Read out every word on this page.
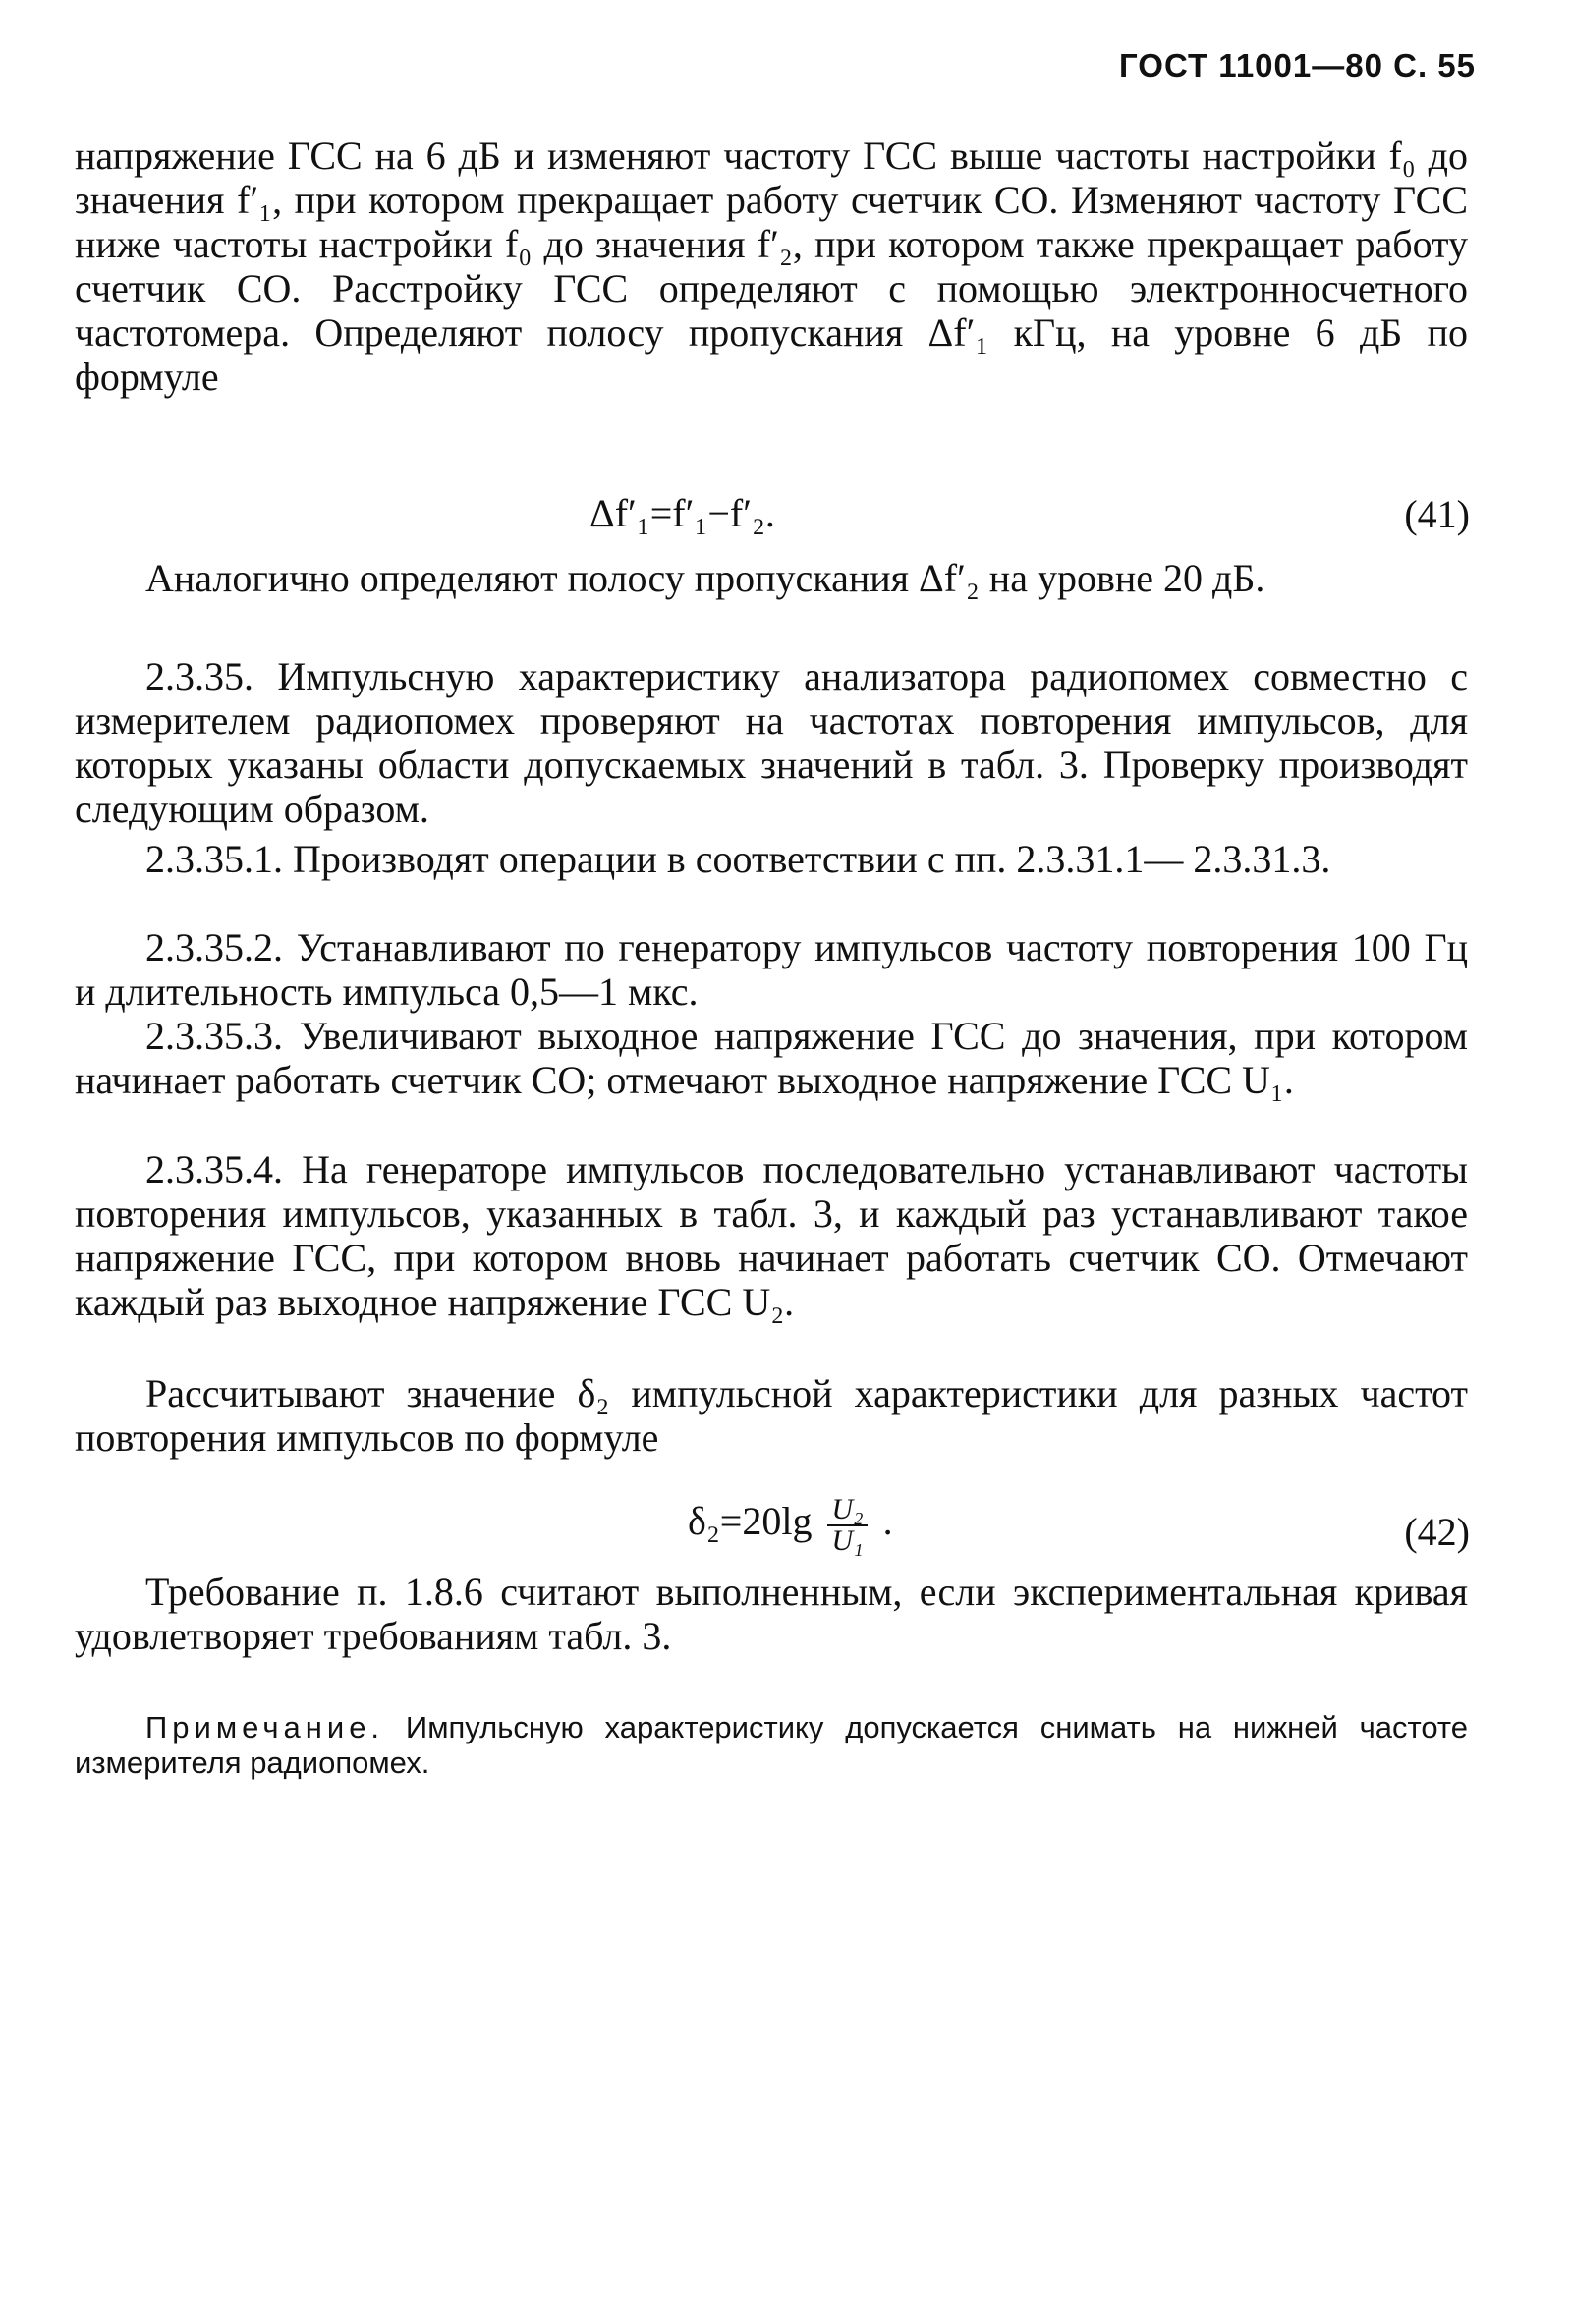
ГОСТ 11001—80 С. 55

напряжение ГСС на 6 дБ и изменяют частоту ГСС выше частоты настройки f₀ до значения f′₁, при котором прекращает работу счетчик СО. Изменяют частоту ГСС ниже частоты настройки f₀ до значения f′₂, при котором также прекращает работу счетчик СО. Расстройку ГСС определяют с помощью электронносчетного частотомера. Определяют полосу пропускания Δf′₁ кГц, на уровне 6 дБ по формуле

Δf′₁=f′₁−f′₂.	(41)

Аналогично определяют полосу пропускания Δf′₂ на уровне 20 дБ.

2.3.35. Импульсную характеристику анализатора радиопомех совместно с измерителем радиопомех проверяют на частотах повторения импульсов, для которых указаны области допускаемых значений в табл. 3. Проверку производят следующим образом.

2.3.35.1. Производят операции в соответствии с пп. 2.3.31.1— 2.3.31.3.

2.3.35.2. Устанавливают по генератору импульсов частоту повторения 100 Гц и длительность импульса 0,5—1 мкс.

2.3.35.3. Увеличивают выходное напряжение ГСС до значения, при котором начинает работать счетчик СО; отмечают выходное напряжение ГСС U₁.

2.3.35.4. На генераторе импульсов последовательно устанавливают частоты повторения импульсов, указанных в табл. 3, и каждый раз устанавливают такое напряжение ГСС, при котором вновь начинает работать счетчик СО. Отмечают каждый раз выходное напряжение ГСС U₂.

Рассчитывают значение δ₂ импульсной характеристики для разных частот повторения импульсов по формуле

$\delta_2=20\lg \frac{\text{U₂}}{\text{U₁}}$ .	(42)

Требование п. 1.8.6 считают выполненным, если экспериментальная кривая удовлетворяет требованиям табл. 3.

Примечание. Импульсную характеристику допускается снимать на нижней частоте измерителя радиопомех.
